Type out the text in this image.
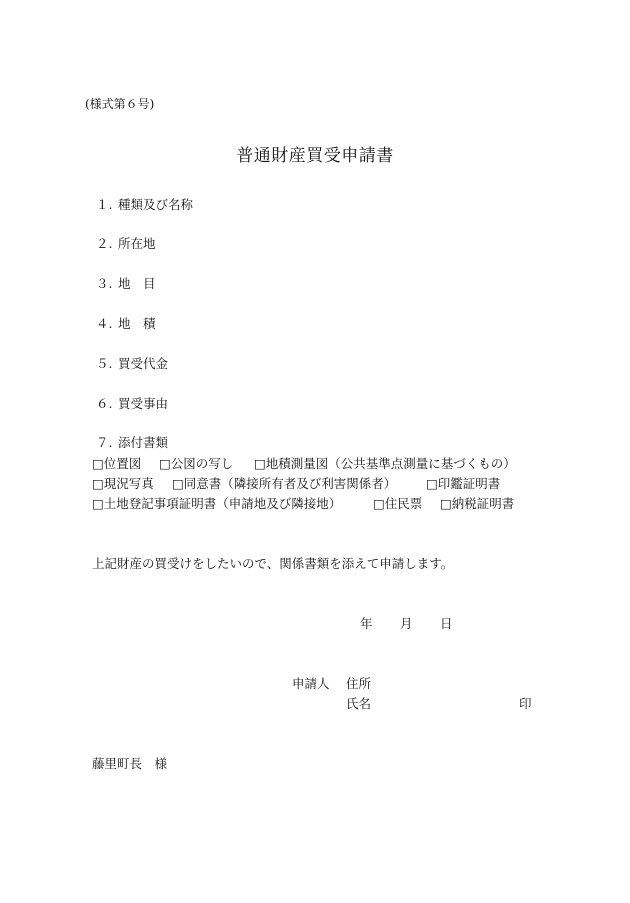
(様式第６号)
普通財産買受申請書
１. 種類及び名称
２. 所在地
３. 地　目
４. 地　積
５. 買受代金
６. 買受事由
７. 添付書類
□位置図 □公図の写し □地積測量図（公共基準点測量に基づくもの）
□現況写真 □同意書（隣接所有者及び利害関係者） □印鑑証明書
□土地登記事項証明書（申請地及び隣接地）	□住民票 □納税証明書
上記財産の買受けをしたいので、関係書類を添えて申請します。
年 月 日
申請人 住所
氏名	印
藤里町長　様
